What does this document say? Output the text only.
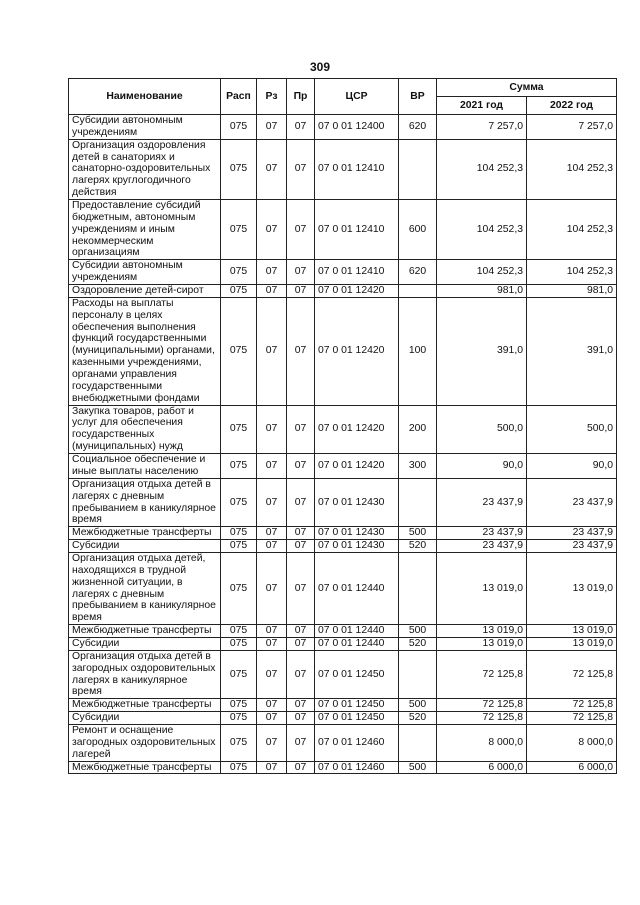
309
Наименование	Расп	Рз	Пр	ЦСР	ВР	Сумма	
						2021 год	2022 год
Субсидии автономным учреждениям	075	07	07	07 0 01 12400	620	7 257,0	7 257,0
Организация оздоровления детей в санаториях и санаторно-оздоровительных лагерях круглогодичного действия	075	07	07	07 0 01 12410		104 252,3	104 252,3
Предоставление субсидий бюджетным, автономным учреждениям и иным некоммерческим организациям	075	07	07	07 0 01 12410	600	104 252,3	104 252,3
Субсидии автономным учреждениям	075	07	07	07 0 01 12410	620	104 252,3	104 252,3
Оздоровление детей-сирот	075	07	07	07 0 01 12420		981,0	981,0
Расходы на выплаты персоналу в целях обеспечения выполнения функций государственными (муниципальными) органами, казенными учреждениями, органами управления государственными внебюджетными фондами	075	07	07	07 0 01 12420	100	391,0	391,0
Закупка товаров, работ и услуг для обеспечения государственных (муниципальных) нужд	075	07	07	07 0 01 12420	200	500,0	500,0
Социальное обеспечение и иные выплаты населению	075	07	07	07 0 01 12420	300	90,0	90,0
Организация отдыха детей в лагерях с дневным пребыванием в каникулярное время	075	07	07	07 0 01 12430		23 437,9	23 437,9
Межбюджетные трансферты	075	07	07	07 0 01 12430	500	23 437,9	23 437,9
Субсидии	075	07	07	07 0 01 12430	520	23 437,9	23 437,9
Организация отдыха детей, находящихся в трудной жизненной ситуации, в лагерях с дневным пребыванием в каникулярное время	075	07	07	07 0 01 12440		13 019,0	13 019,0
Межбюджетные трансферты	075	07	07	07 0 01 12440	500	13 019,0	13 019,0
Субсидии	075	07	07	07 0 01 12440	520	13 019,0	13 019,0
Организация отдыха детей в загородных оздоровительных лагерях в каникулярное время	075	07	07	07 0 01 12450		72 125,8	72 125,8
Межбюджетные трансферты	075	07	07	07 0 01 12450	500	72 125,8	72 125,8
Субсидии	075	07	07	07 0 01 12450	520	72 125,8	72 125,8
Ремонт и оснащение загородных оздоровительных лагерей	075	07	07	07 0 01 12460		8 000,0	8 000,0
Межбюджетные трансферты	075	07	07	07 0 01 12460	500	6 000,0	6 000,0
